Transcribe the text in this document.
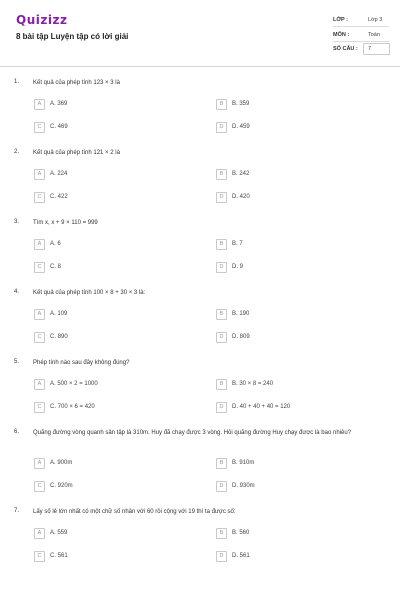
Quizizz
8 bài tập Luyện tập có lời giải
LỚP :	Lớp 3
MÔN :	Toán
SỐ CÂU : 7
1. Kết quả của phép tính 123 × 3 là
A	A. 369	B	B. 359
C	C. 469	D	D. 459
2. Kết quả của phép tính 121 × 2 là
A	A. 224	B	B. 242
C	C. 422	D	D. 420
3. Tìm x, x + 9 × 110 = 999
A	A. 6	B	B. 7
C	C. 8	D	D. 9
4. Kết quả của phép tính 100 × 8 + 30 × 3 là:
A	A. 109	B	B. 190
C	C. 890	D	D. 809
5. Phép tính nào sau đây không đúng?
A	A. 500 × 2 = 1000	B	B. 30 × 8 = 240
C	C. 700 × 6 = 420	D	D. 40 + 40 + 40 = 120
6. Quãng đường vòng quanh sân tập là 310m. Huy đã chạy được 3 vòng. Hỏi quãng đường Huy chạy được là bao nhiêu?
A	A. 900m	B	B. 910m
C	C. 920m	D	D. 930m
7. Lấy số lẻ lớn nhất có một chữ số nhân với 60 rồi cộng với 19 thì ta được số:
A	A. 559	B	B. 560
C	C. 561	D	D. 561
